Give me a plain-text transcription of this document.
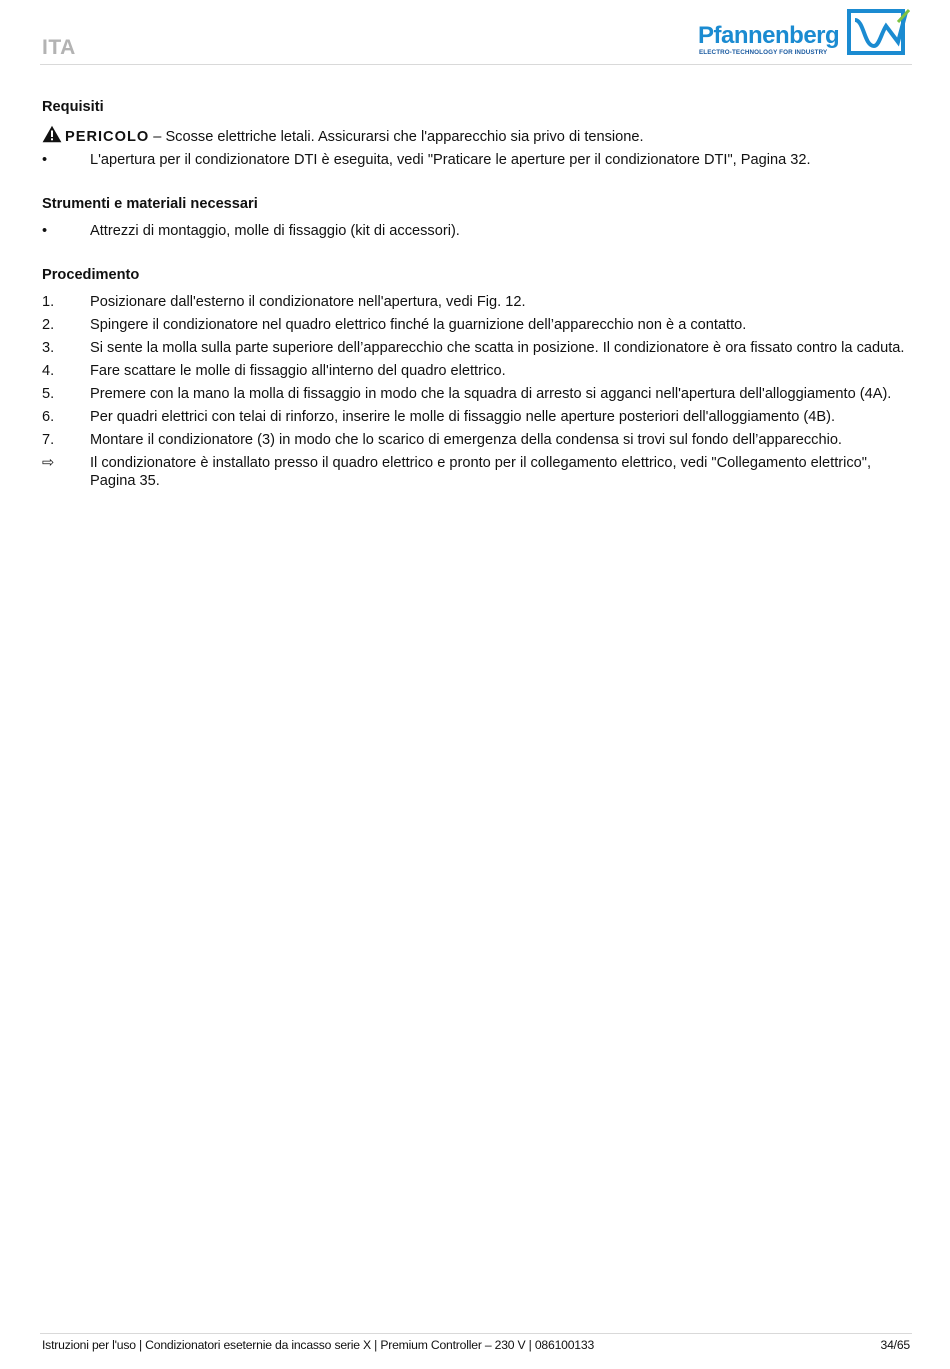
ITA	Pfannenberg
ELECTRO-TECHNOLOGY FOR INDUSTRY
Requisiti
PERICOLO – Scosse elettriche letali. Assicurarsi che l'apparecchio sia privo di tensione.
•	L'apertura per il condizionatore DTI è eseguita, vedi "Praticare le aperture per il condizionatore DTI", Pagina 32.
Strumenti e materiali necessari
•	Attrezzi di montaggio, molle di fissaggio (kit di accessori).
Procedimento
1.	Posizionare dall'esterno il condizionatore nell'apertura, vedi Fig. 12.
2.	Spingere il condizionatore nel quadro elettrico finché la guarnizione dell’apparecchio non è a contatto.
3.	Si sente la molla sulla parte superiore dell’apparecchio che scatta in posizione. Il condizionatore è ora fissato contro la caduta.
4.	Fare scattare le molle di fissaggio all'interno del quadro elettrico.
5.	Premere con la mano la molla di fissaggio in modo che la squadra di arresto si agganci nell'apertura dell'alloggiamento (4A).
6.	Per quadri elettrici con telai di rinforzo, inserire le molle di fissaggio nelle aperture posteriori dell'alloggiamento (4B).
7.	Montare il condizionatore (3) in modo che lo scarico di emergenza della condensa si trovi sul fondo dell’apparecchio.
⇨	Il condizionatore è installato presso il quadro elettrico e pronto per il collegamento elettrico, vedi "Collegamento elettrico", Pagina 35.
Istruzioni per l'uso | Condizionatori eseternie da incasso serie X | Premium Controller – 230 V | 086100133	34/65
